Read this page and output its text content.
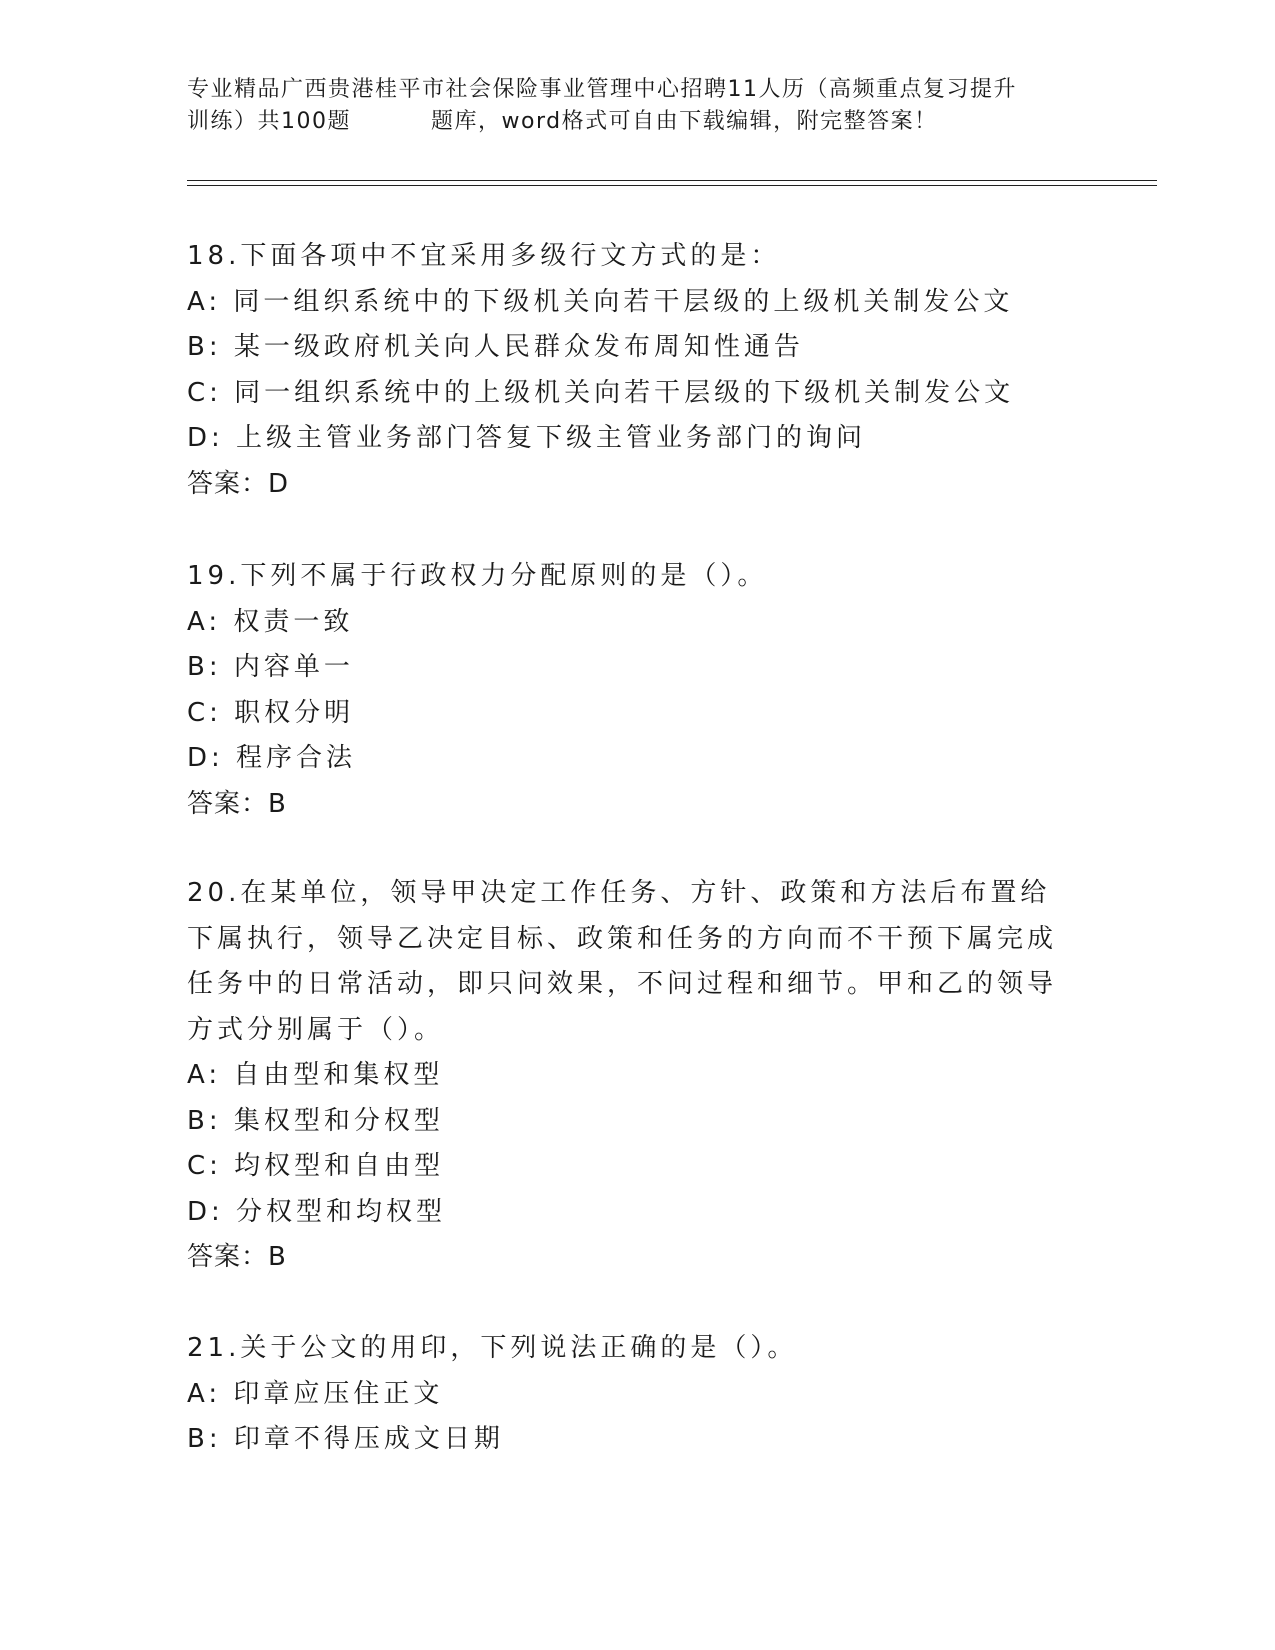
专业精品广西贵港桂平市社会保险事业管理中心招聘11人历（高频重点复习提升
训练）共100题	题库，word格式可自由下载编辑，附完整答案！
18.下面各项中不宜采用多级行文方式的是：
A: 同一组织系统中的下级机关向若干层级的上级机关制发公文
B: 某一级政府机关向人民群众发布周知性通告
C: 同一组织系统中的上级机关向若干层级的下级机关制发公文
D: 上级主管业务部门答复下级主管业务部门的询问
答案：D
19.下列不属于行政权力分配原则的是（）。
A: 权责一致
B: 内容单一
C: 职权分明
D: 程序合法
答案：B
20.在某单位，领导甲决定工作任务、方针、政策和方法后布置给下属执行，领导乙决定目标、政策和任务的方向而不干预下属完成任务中的日常活动，即只问效果，不问过程和细节。甲和乙的领导方式分别属于（）。
A: 自由型和集权型
B: 集权型和分权型
C: 均权型和自由型
D: 分权型和均权型
答案：B
21.关于公文的用印，下列说法正确的是（）。
A: 印章应压住正文
B: 印章不得压成文日期
